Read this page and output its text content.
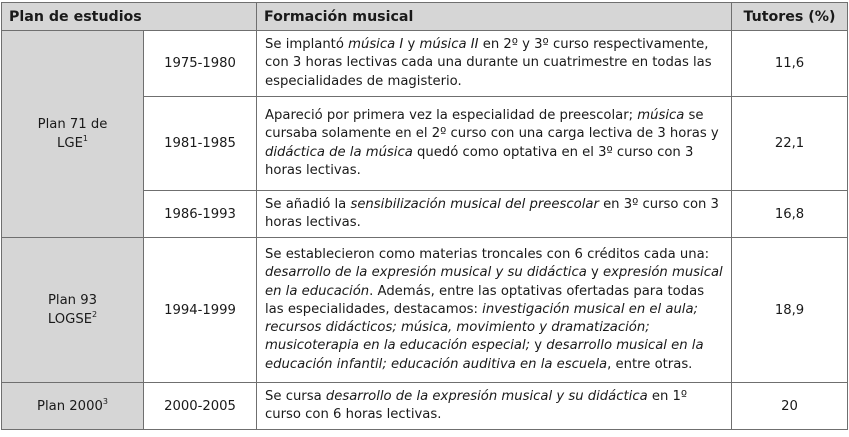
Plan de estudios		Formación musical	Tutores (%)
Plan 71 de
LGE$^1$	1975-1980	Se implantó música I y música II en 2º y 3º curso respectivamente, con 3 horas lectivas cada una durante un cuatrimestre en todas las especialidades de magisterio.	11,6
	1981-1985	Apareció por primera vez la especialidad de preescolar; música se cursaba solamente en el 2º curso con una carga lectiva de 3 horas y didáctica de la música quedó como optativa en el 3º curso con 3 horas lectivas.	22,1
	1986-1993	Se añadió la sensibilización musical del preescolar en 3º curso con 3 horas lectivas.	16,8
Plan 93
LOGSE$^2$	1994-1999	Se establecieron como materias troncales con 6 créditos cada una: desarrollo de la expresión musical y su didáctica y expresión musical en la educación. Además, entre las optativas ofertadas para todas las especialidades, destacamos: investigación musical en el aula; recursos didácticos; música, movimiento y dramatización; musicoterapia en la educación especial; y desarrollo musical en la educación infantil; educación auditiva en la escuela, entre otras.	18,9
Plan 2000$^3$	2000-2005	Se cursa desarrollo de la expresión musical y su didáctica en 1º curso con 6 horas lectivas.	20
